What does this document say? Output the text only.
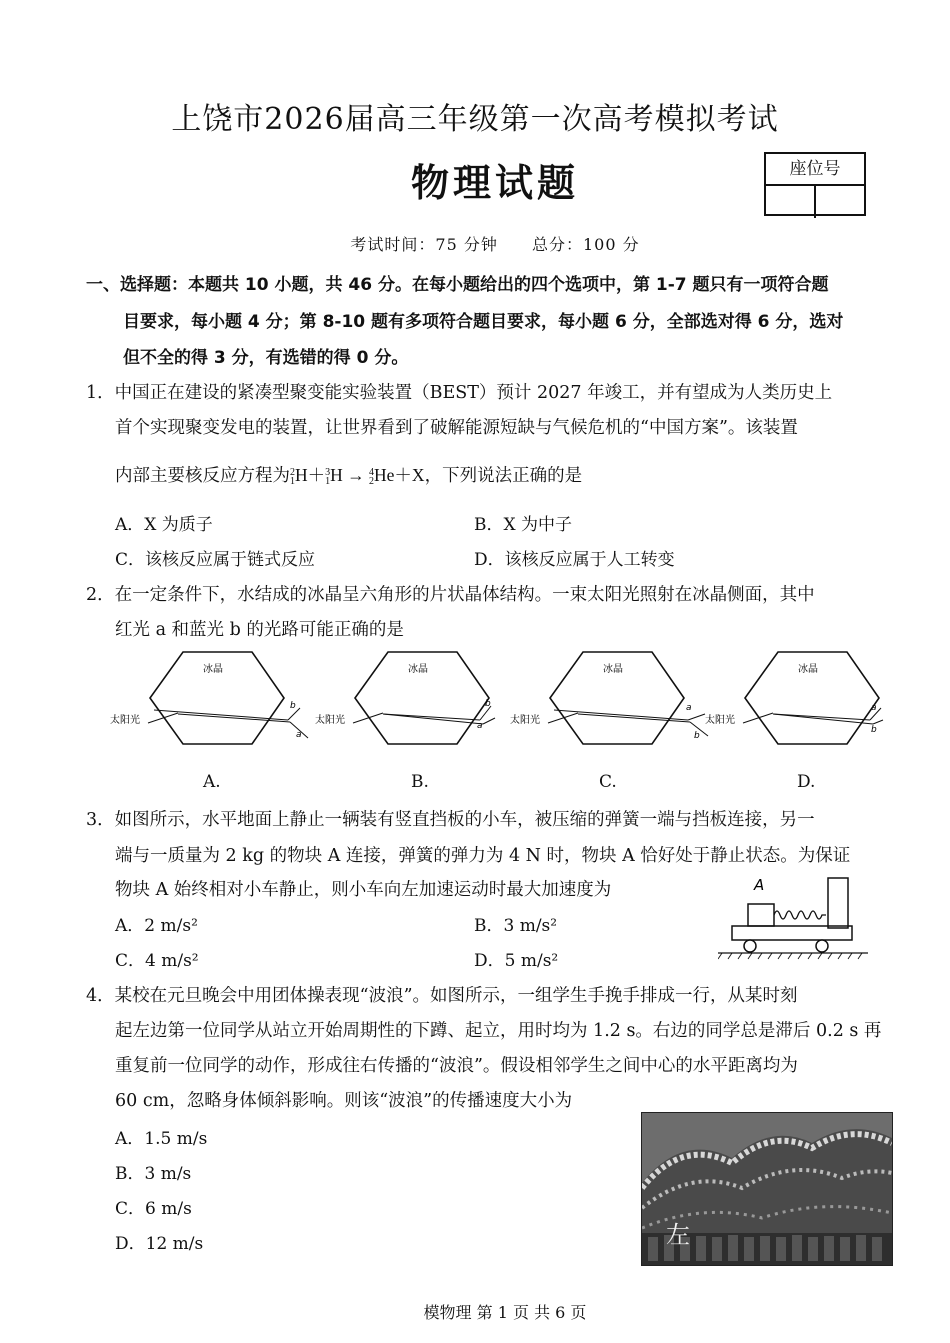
上饶市2026届高三年级第一次高考模拟考试
物理试题	座位号
考试时间：75 分钟 总分：100 分
一、选择题：本题共 10 小题，共 46 分。在每小题给出的四个选项中，第 1-7 题只有一项符合题
目要求，每小题 4 分；第 8-10 题有多项符合题目要求，每小题 6 分，全部选对得 6 分，选对
但不全的得 3 分，有选错的得 0 分。
1．中国正在建设的紧凑型聚变能实验装置（BEST）预计 2027 年竣工，并有望成为人类历史上
首个实现聚变发电的装置，让世界看到了破解能源短缺与气候危机的“中国方案”。该装置
内部主要核反应方程为2
1H＋3
1H → 4
2He＋X，下列说法正确的是
A．X 为质子	B．X 为中子
C．该核反应属于链式反应	D．该核反应属于人工转变
2．在一定条件下，水结成的冰晶呈六角形的片状晶体结构。一束太阳光照射在冰晶侧面，其中
红光 a 和蓝光 b 的光路可能正确的是
冰晶
太阳光
b
a
冰晶
太阳光
b
a
冰晶
太阳光
a
b
冰晶
太阳光
a
b
A.	B.	C.	D.
3．如图所示，水平地面上静止一辆装有竖直挡板的小车，被压缩的弹簧一端与挡板连接，另一
端与一质量为 2 kg 的物块 A 连接，弹簧的弹力为 4 N 时，物块 A 恰好处于静止状态。为保证
物块 A 始终相对小车静止，则小车向左加速运动时最大加速度为
A．2 m/s²	B．3 m/s²
C．4 m/s²	D．5 m/s²
A
4．某校在元旦晚会中用团体操表现“波浪”。如图所示，一组学生手挽手排成一行，从某时刻
起左边第一位同学从站立开始周期性的下蹲、起立，用时均为 1.2 s。右边的同学总是滞后 0.2 s 再
重复前一位同学的动作，形成往右传播的“波浪”。假设相邻学生之间中心的水平距离均为
60 cm，忽略身体倾斜影响。则该“波浪”的传播速度大小为
A．1.5 m/s
B．3 m/s
C．6 m/s
D．12 m/s	左
模物理 第 1 页 共 6 页
